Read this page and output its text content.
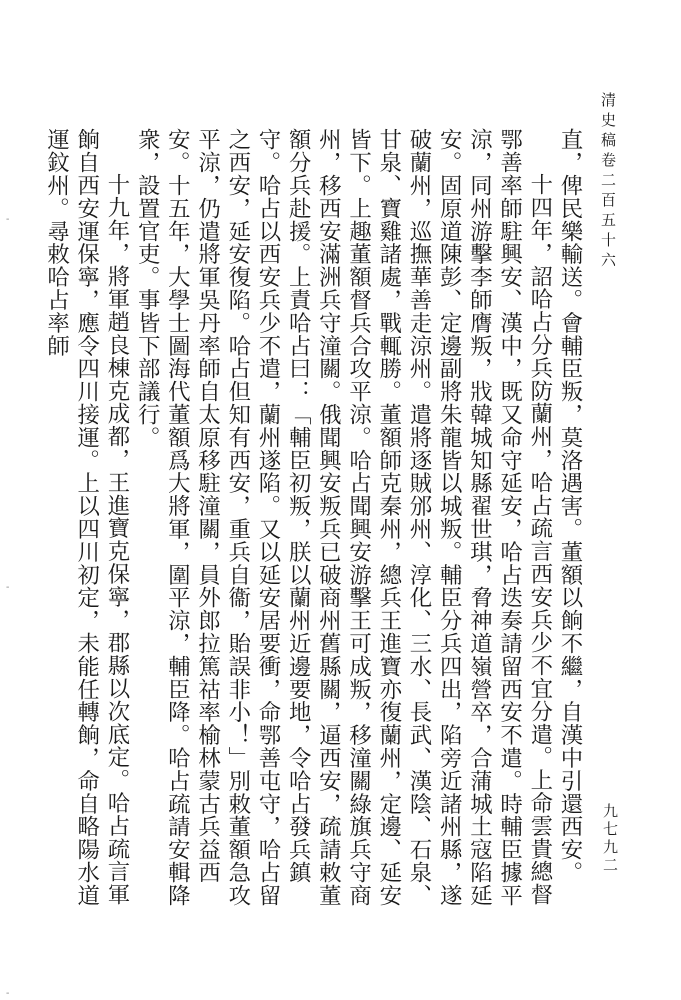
清史稿卷二百五十六
九七九二

直，俾民樂輸送。會輔臣叛，莫洛遇害。董額以餉不繼，自漢中引還西安。

十四年，詔哈占分兵防蘭州，哈占疏言西安兵少不宜分遣。上命雲貴總督鄂善率師駐興安、漢中，既又命守延安，哈占迭奏請留西安不遣。時輔臣據平涼，同州游擊李師膺叛，戕韓城知縣翟世琪，脅神道嶺營卒，合蒲城土寇陷延安。固原道陳彭、定邊副將朱龍皆以城叛。輔臣分兵四出，陷旁近諸州縣，遂破蘭州，巡撫華善走涼州。遣將逐賊邠州、淳化、三水、長武、漢陰、石泉、甘泉、寶雞諸處，戰輒勝。董額師克秦州，總兵王進寶亦復蘭州，定邊、延安皆下。上趣董額督兵合攻平涼。哈占聞興安游擊王可成叛，移潼關綠旗兵守商州，移西安滿洲兵守潼關。俄聞興安叛兵已破商州舊縣關，逼西安，疏請敕董額分兵赴援。上責哈占曰：「輔臣初叛，朕以蘭州近邊要地，令哈占發兵鎮守。哈占以西安兵少不遣，蘭州遂陷。又以延安居要衝，命鄂善屯守，哈占留之西安，延安復陷。哈占但知有西安，重兵自衞，貽誤非小！」別敕董額急攻平涼，仍遣將軍吳丹率師自太原移駐潼關，員外郎拉篤祜率榆林蒙古兵益西安。十五年，大學士圖海代董額爲大將軍，圍平涼，輔臣降。哈占疏請安輯降衆，設置官吏。事皆下部議行。

十九年，將軍趙良棟克成都，王進寶克保寧，郡縣以次底定。哈占疏言軍餉自西安運保寧，應令四川接運。上以四川初定，未能任轉餉，命自略陽水道運鈫州。尋敕哈占率師

-
-
-
